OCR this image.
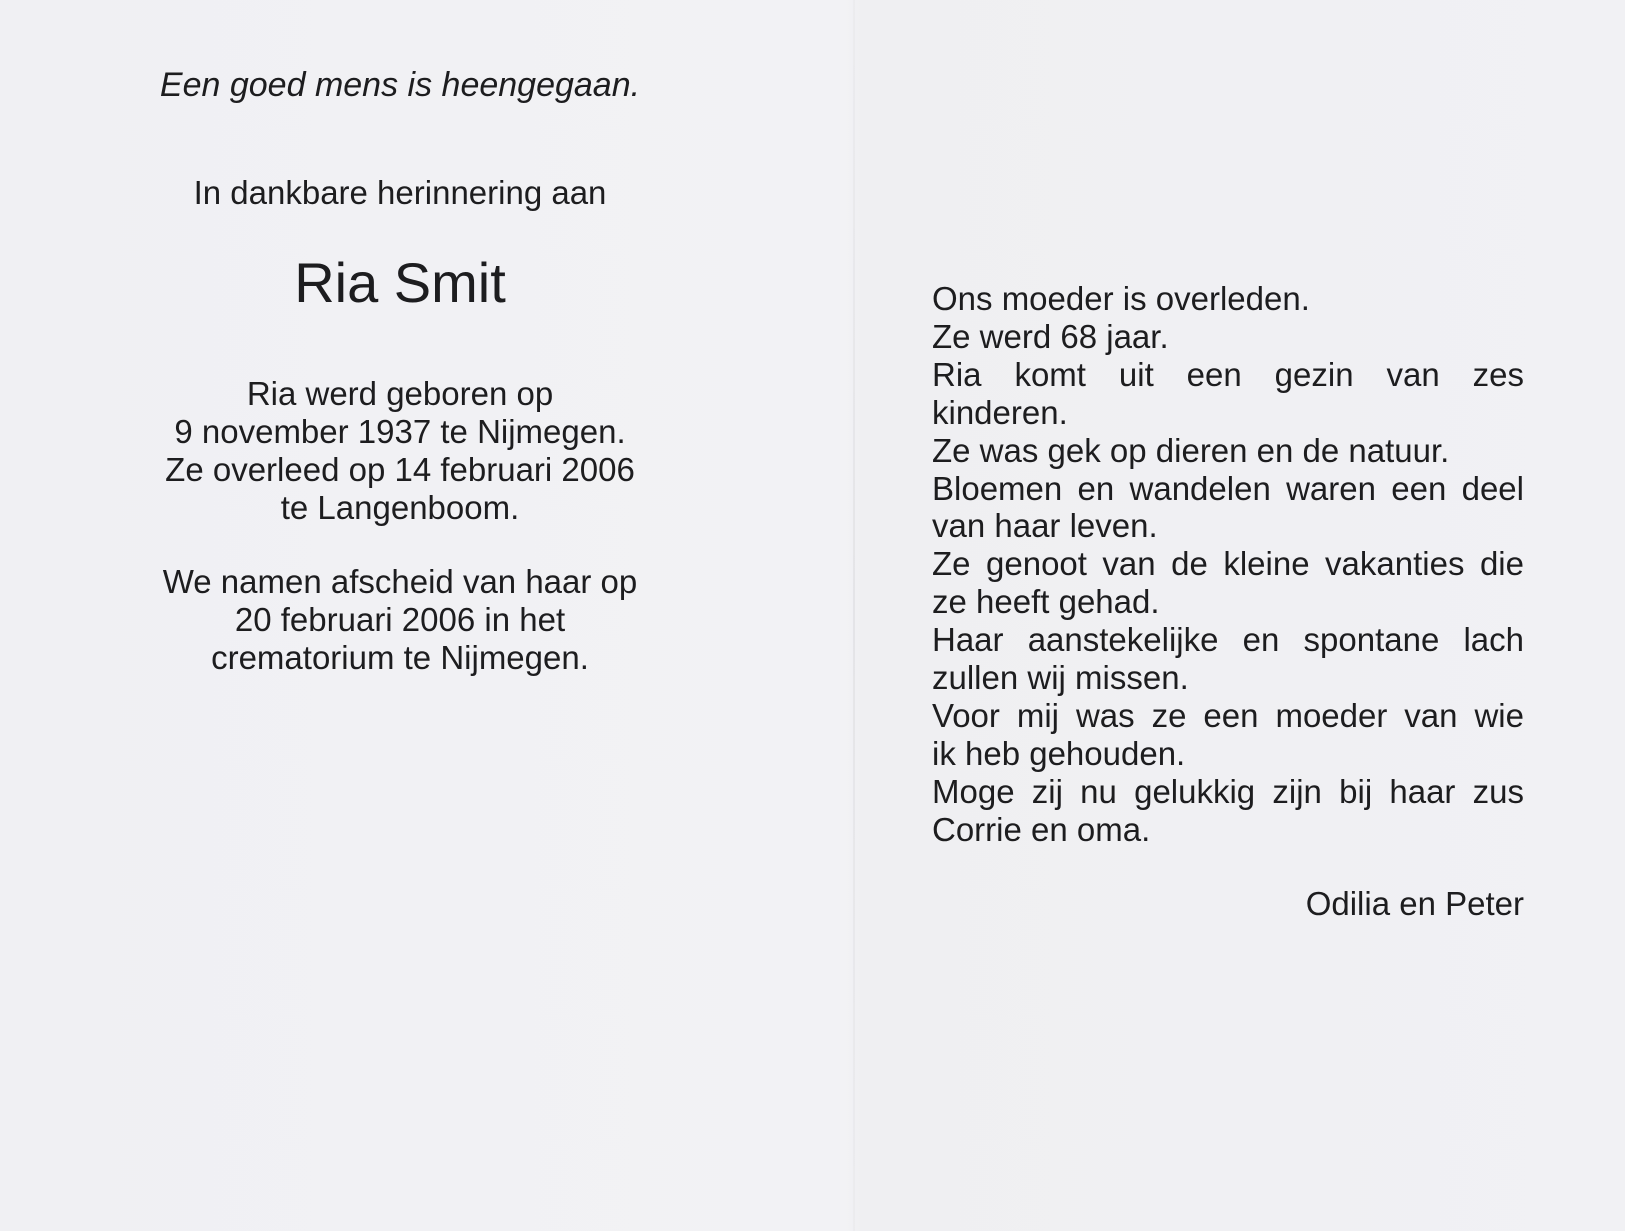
Een goed mens is heengegaan.

In dankbare herinnering aan

Ria Smit

Ria werd geboren op

9 november 1937 te Nijmegen.

Ze overleed op 14 februari 2006

te Langenboom.

We namen afscheid van haar op

20 februari 2006 in het

crematorium te Nijmegen.

Ons moeder is overleden.

Ze werd 68 jaar.

Ria komt uit een gezin van zes

kinderen.

Ze was gek op dieren en de natuur.

Bloemen en wandelen waren een deel

van haar leven.

Ze genoot van de kleine vakanties die

ze heeft gehad.

Haar aanstekelijke en spontane lach

zullen wij missen.

Voor mij was ze een moeder van wie

ik heb gehouden.

Moge zij nu gelukkig zijn bij haar zus

Corrie en oma.

Odilia en Peter
